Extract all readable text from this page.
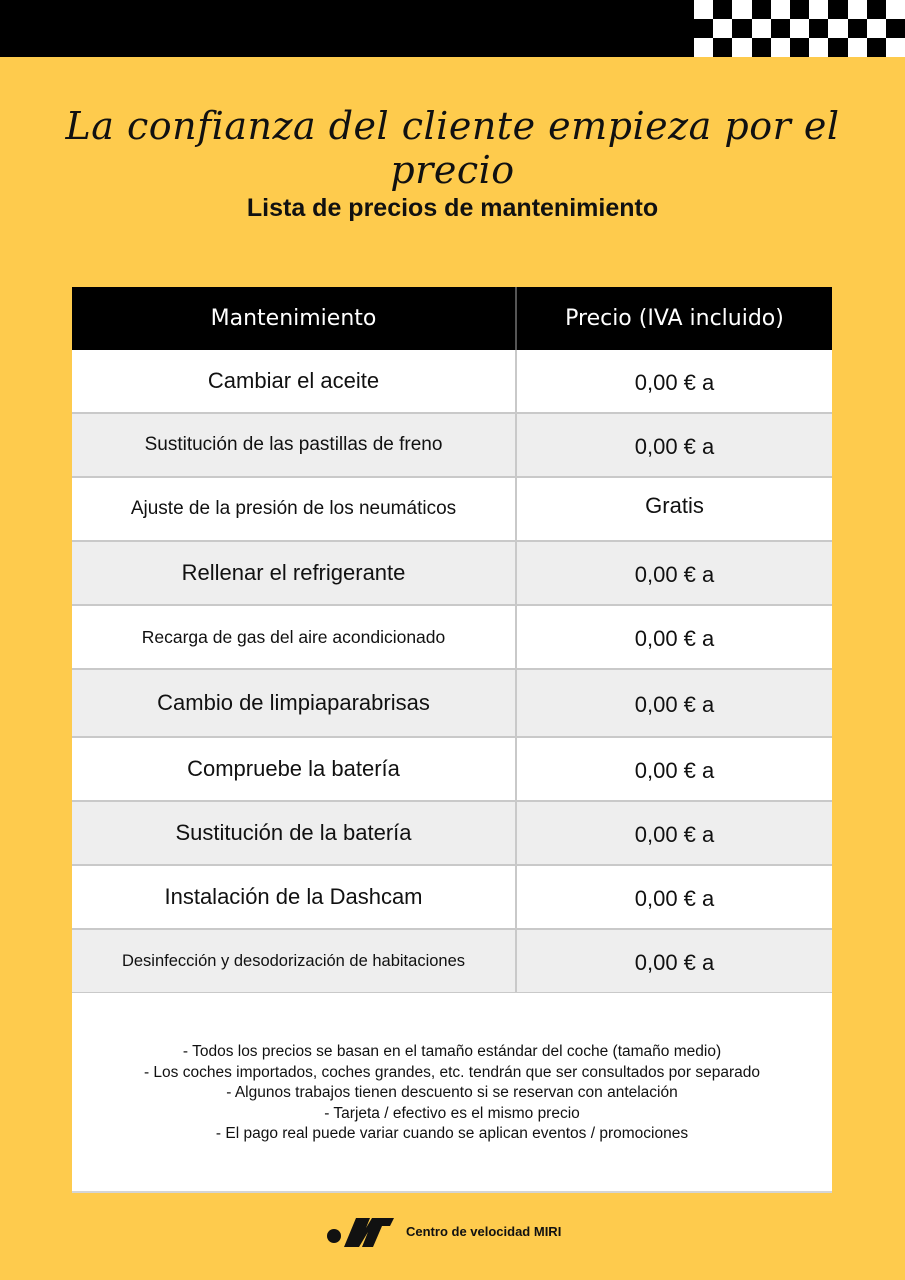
La confianza del cliente empieza por el precio
Lista de precios de mantenimiento
Mantenimiento	Precio (IVA incluido)
Cambiar el aceite	0,00 € a
Sustitución de las pastillas de freno	0,00 € a
Ajuste de la presión de los neumáticos	Gratis
Rellenar el refrigerante	0,00 € a
Recarga de gas del aire acondicionado	0,00 € a
Cambio de limpiaparabrisas	0,00 € a
Compruebe la batería	0,00 € a
Sustitución de la batería	0,00 € a
Instalación de la Dashcam	0,00 € a
Desinfección y desodorización de habitaciones	0,00 € a
- Todos los precios se basan en el tamaño estándar del coche (tamaño medio)
- Los coches importados, coches grandes, etc. tendrán que ser consultados por separado
- Algunos trabajos tienen descuento si se reservan con antelación
- Tarjeta / efectivo es el mismo precio
- El pago real puede variar cuando se aplican eventos / promociones
Centro de velocidad MIRI
